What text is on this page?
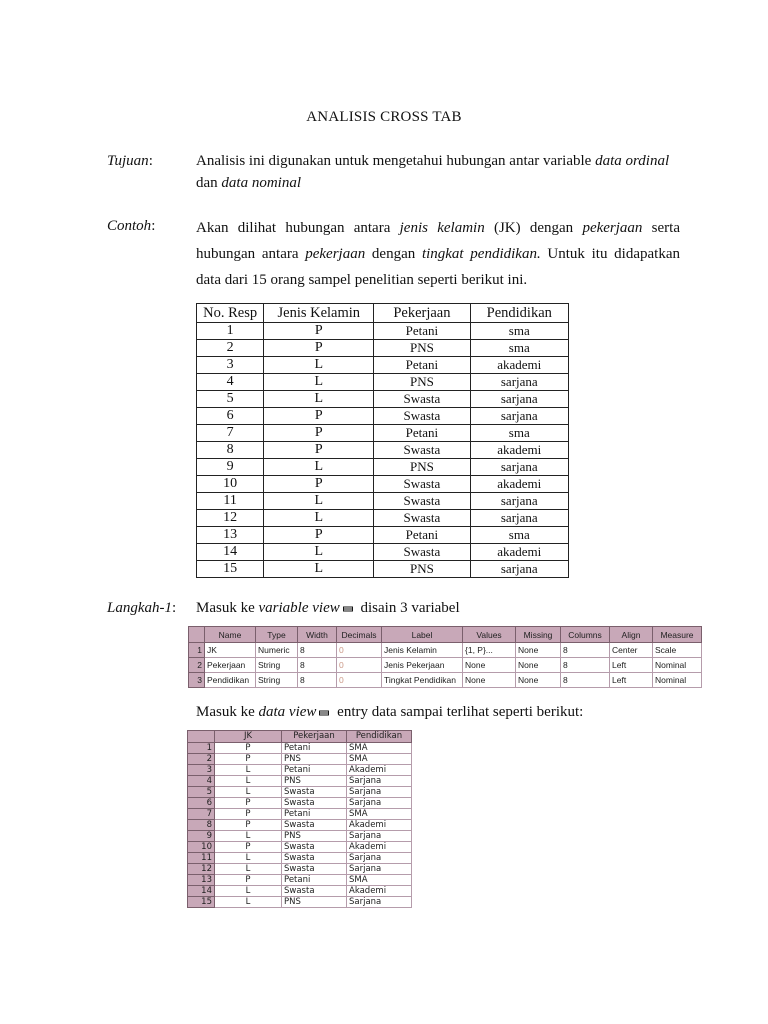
ANALISIS CROSS TAB
Tujuan:	Analisis ini digunakan untuk mengetahui hubungan antar variable data ordinal
dan data nominal
Contoh:	Akan dilihat hubungan antara jenis kelamin (JK) dengan pekerjaan serta hubungan antara pekerjaan dengan tingkat pendidikan. Untuk itu didapatkan data dari 15 orang sampel penelitian seperti berikut ini.
No. Resp	Jenis Kelamin	Pekerjaan	Pendidikan
1	P	Petani	sma
2	P	PNS	sma
3	L	Petani	akademi
4	L	PNS	sarjana
5	L	Swasta	sarjana
6	P	Swasta	sarjana
7	P	Petani	sma
8	P	Swasta	akademi
9	L	PNS	sarjana
10	P	Swasta	akademi
11	L	Swasta	sarjana
12	L	Swasta	sarjana
13	P	Petani	sma
14	L	Swasta	akademi
15	L	PNS	sarjana
Langkah-1: Masuk ke variable view disain 3 variabel
	Name	Type	Width	Decimals	Label	Values	Missing	Columns	Align	Measure
1	JK	Numeric	8	0	Jenis Kelamin	{1, P}...	None	8	Center	Scale
2	Pekerjaan	String	8	0	Jenis Pekerjaan	None	None	8	Left	Nominal
3	Pendidikan	String	8	0	Tingkat Pendidikan	None	None	8	Left	Nominal
Masuk ke data view entry data sampai terlihat seperti berikut:
	JK	Pekerjaan	Pendidikan
1	P	Petani	SMA
2	P	PNS	SMA
3	L	Petani	Akademi
4	L	PNS	Sarjana
5	L	Swasta	Sarjana
6	P	Swasta	Sarjana
7	P	Petani	SMA
8	P	Swasta	Akademi
9	L	PNS	Sarjana
10	P	Swasta	Akademi
11	L	Swasta	Sarjana
12	L	Swasta	Sarjana
13	P	Petani	SMA
14	L	Swasta	Akademi
15	L	PNS	Sarjana
